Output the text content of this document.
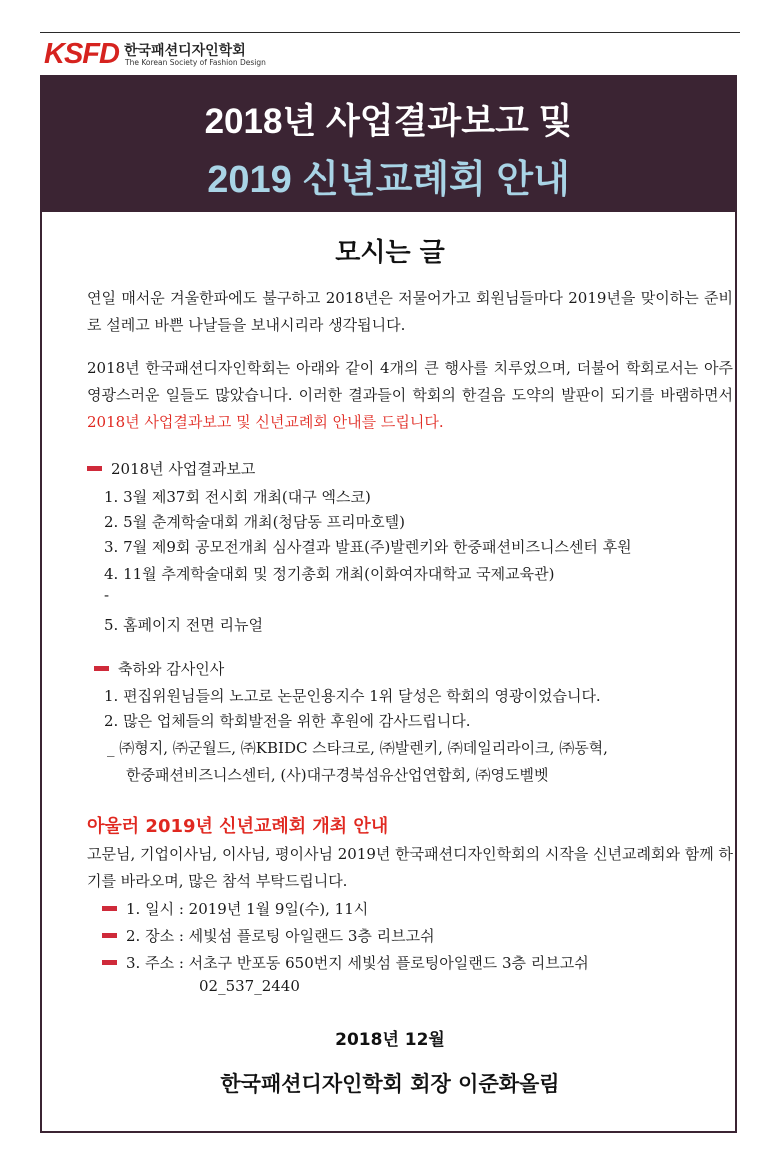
KSFD 한국패션디자인학회
The Korean Society of Fashion Design
2018년 사업결과보고 및
2019 신년교례회 안내
모시는 글
연일 매서운 겨울한파에도 불구하고 2018년은 저물어가고 회원님들마다 2019년을 맞이하는 준비로 설레고 바쁜 나날들을 보내시리라 생각됩니다.
2018년 한국패션디자인학회는 아래와 같이 4개의 큰 행사를 치루었으며, 더불어 학회로서는 아주 영광스러운 일들도 많았습니다. 이러한 결과들이 학회의 한걸음 도약의 발판이 되기를 바램하면서 2018년 사업결과보고 및 신년교례회 안내를 드립니다.
2018년 사업결과보고
1. 3월 제37회 전시회 개최(대구 엑스코)
2. 5월 춘계학술대회 개최(청담동 프리마호텔)
3. 7월 제9회 공모전개최 심사결과 발표(주)발렌키와 한중패션비즈니스센터 후원
4. 11월 추계학술대회 및 정기총회 개최(이화여자대학교 국제교육관)
-
5. 홈페이지 전면 리뉴얼
축하와 감사인사
1. 편집위원님들의 노고로 논문인용지수 1위 달성은 학회의 영광이었습니다.
2. 많은 업체들의 학회발전을 위한 후원에 감사드립니다.
_ ㈜형지, ㈜군월드, ㈜KBIDC 스타크로, ㈜발렌키, ㈜데일리라이크, ㈜동혁,
한중패션비즈니스센터, (사)대구경북섬유산업연합회, ㈜영도벨벳
아울러 2019년 신년교례회 개최 안내
고문님, 기업이사님, 이사님, 평이사님 2019년 한국패션디자인학회의 시작을 신년교례회와 함께 하기를 바라오며, 많은 참석 부탁드립니다.
1. 일시 : 2019년 1월 9일(수), 11시
2. 장소 : 세빛섬 플로팅 아일랜드 3층 리브고쉬
3. 주소 : 서초구 반포동 650번지 세빛섬 플로팅아일랜드 3층 리브고쉬
02_537_2440
2018년 12월
한국패션디자인학회 회장 이준화올림
